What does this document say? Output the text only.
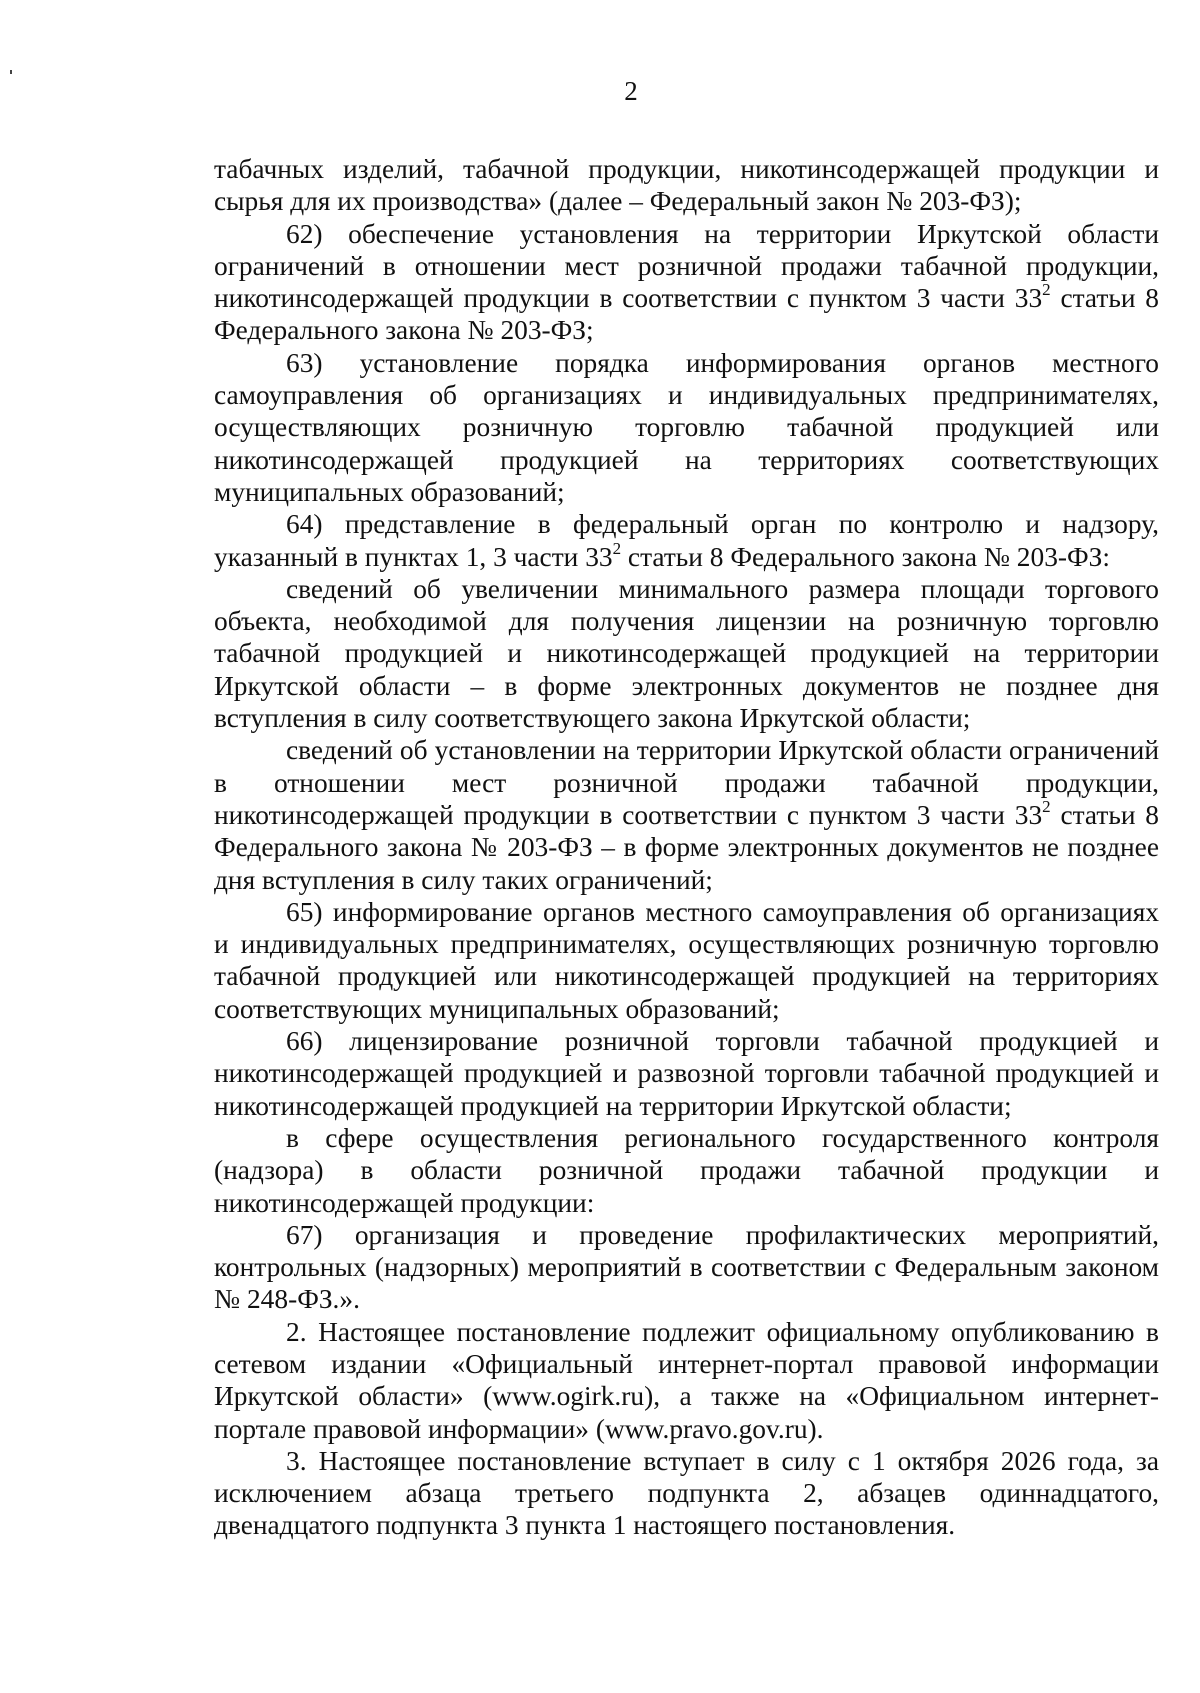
2

табачных изделий, табачной продукции, никотинсодержащей продукции и сырья для их производства» (далее – Федеральный закон № 203-ФЗ);

62) обеспечение установления на территории Иркутской области ограничений в отношении мест розничной продажи табачной продукции, никотинсодержащей продукции в соответствии с пунктом 3 части $33^2$ статьи 8 Федерального закона № 203-ФЗ;

63) установление порядка информирования органов местного самоуправления об организациях и индивидуальных предпринимателях, осуществляющих розничную торговлю табачной продукцией или никотинсодержащей продукцией на территориях соответствующих муниципальных образований;

64) представление в федеральный орган по контролю и надзору, указанный в пунктах 1, 3 части $33^2$ статьи 8 Федерального закона № 203-ФЗ:

сведений об увеличении минимального размера площади торгового объекта, необходимой для получения лицензии на розничную торговлю табачной продукцией и никотинсодержащей продукцией на территории Иркутской области – в форме электронных документов не позднее дня вступления в силу соответствующего закона Иркутской области;

сведений об установлении на территории Иркутской области ограничений в отношении мест розничной продажи табачной продукции, никотинсодержащей продукции в соответствии с пунктом 3 части $33^2$ статьи 8 Федерального закона № 203-ФЗ – в форме электронных документов не позднее дня вступления в силу таких ограничений;

65) информирование органов местного самоуправления об организациях и индивидуальных предпринимателях, осуществляющих розничную торговлю табачной продукцией или никотинсодержащей продукцией на территориях соответствующих муниципальных образований;

66) лицензирование розничной торговли табачной продукцией и никотинсодержащей продукцией и развозной торговли табачной продукцией и никотинсодержащей продукцией на территории Иркутской области;

в сфере осуществления регионального государственного контроля (надзора) в области розничной продажи табачной продукции и никотинсодержащей продукции:

67) организация и проведение профилактических мероприятий, контрольных (надзорных) мероприятий в соответствии с Федеральным законом № 248-ФЗ.».

2. Настоящее постановление подлежит официальному опубликованию в сетевом издании «Официальный интернет-портал правовой информации Иркутской области» (www.ogirk.ru), а также на «Официальном интернет-портале правовой информации» (www.pravo.gov.ru).

3. Настоящее постановление вступает в силу с 1 октября 2026 года, за исключением абзаца третьего подпункта 2, абзацев одиннадцатого, двенадцатого подпункта 3 пункта 1 настоящего постановления.
